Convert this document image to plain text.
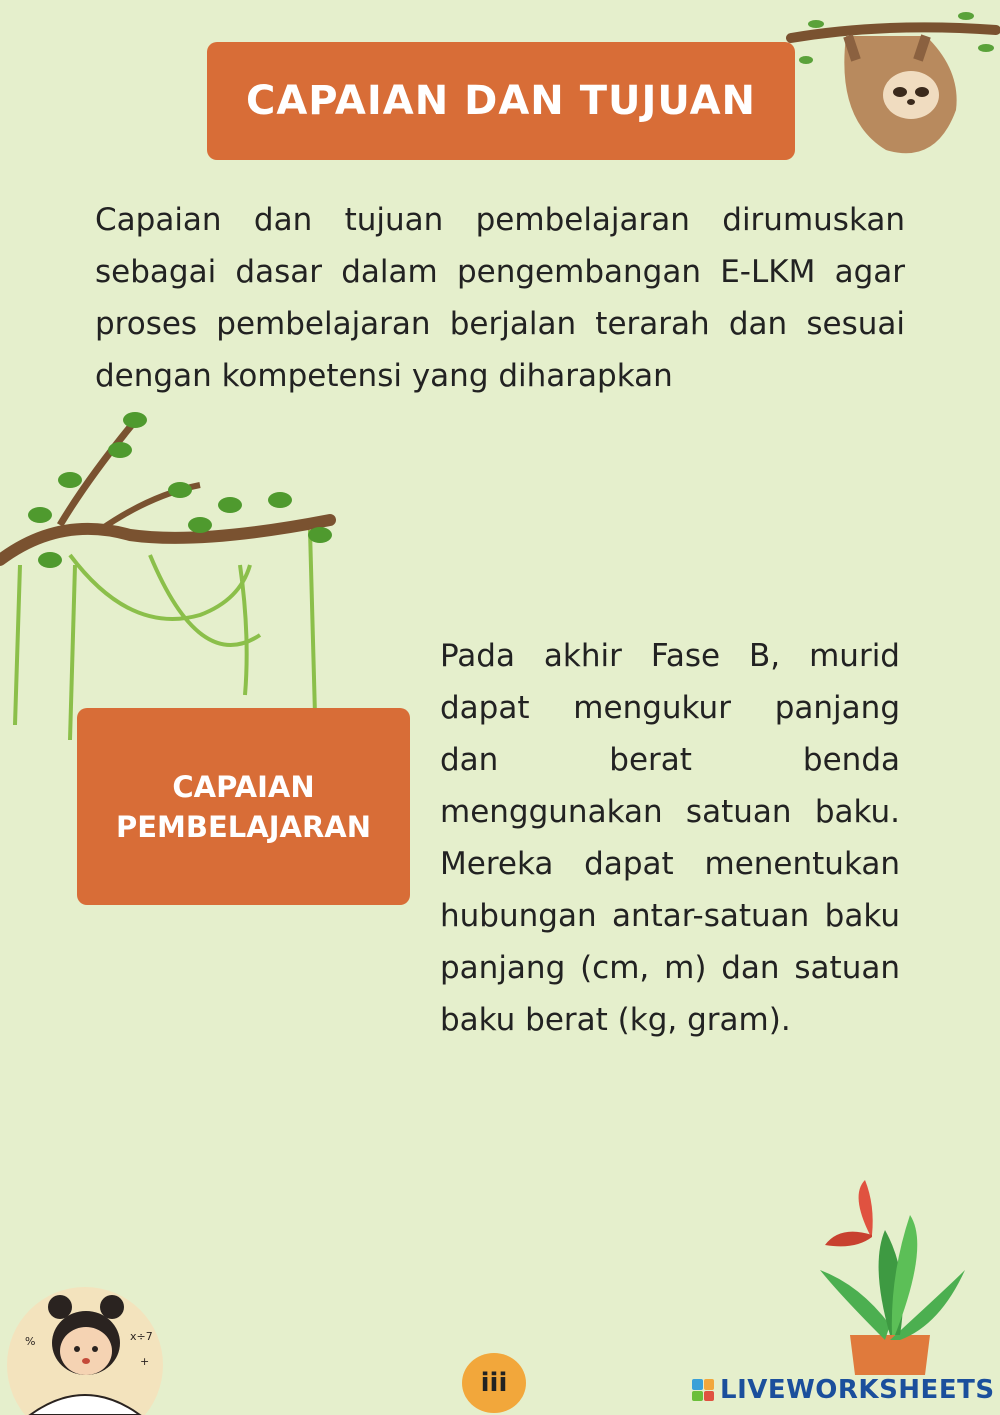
CAPAIAN DAN TUJUAN

Capaian dan tujuan pembelajaran dirumuskan sebagai dasar dalam pengembangan E-LKM agar proses pembelajaran berjalan terarah dan sesuai dengan kompetensi yang diharapkan

CAPAIAN
PEMBELAJARAN

Pada akhir Fase B, murid dapat mengukur panjang dan berat benda menggunakan satuan baku. Mereka dapat menentukan hubungan antar-satuan baku panjang (cm, m) dan satuan baku berat (kg, gram).

%	x÷7
+
iii	LIVEWORKSHEETS
